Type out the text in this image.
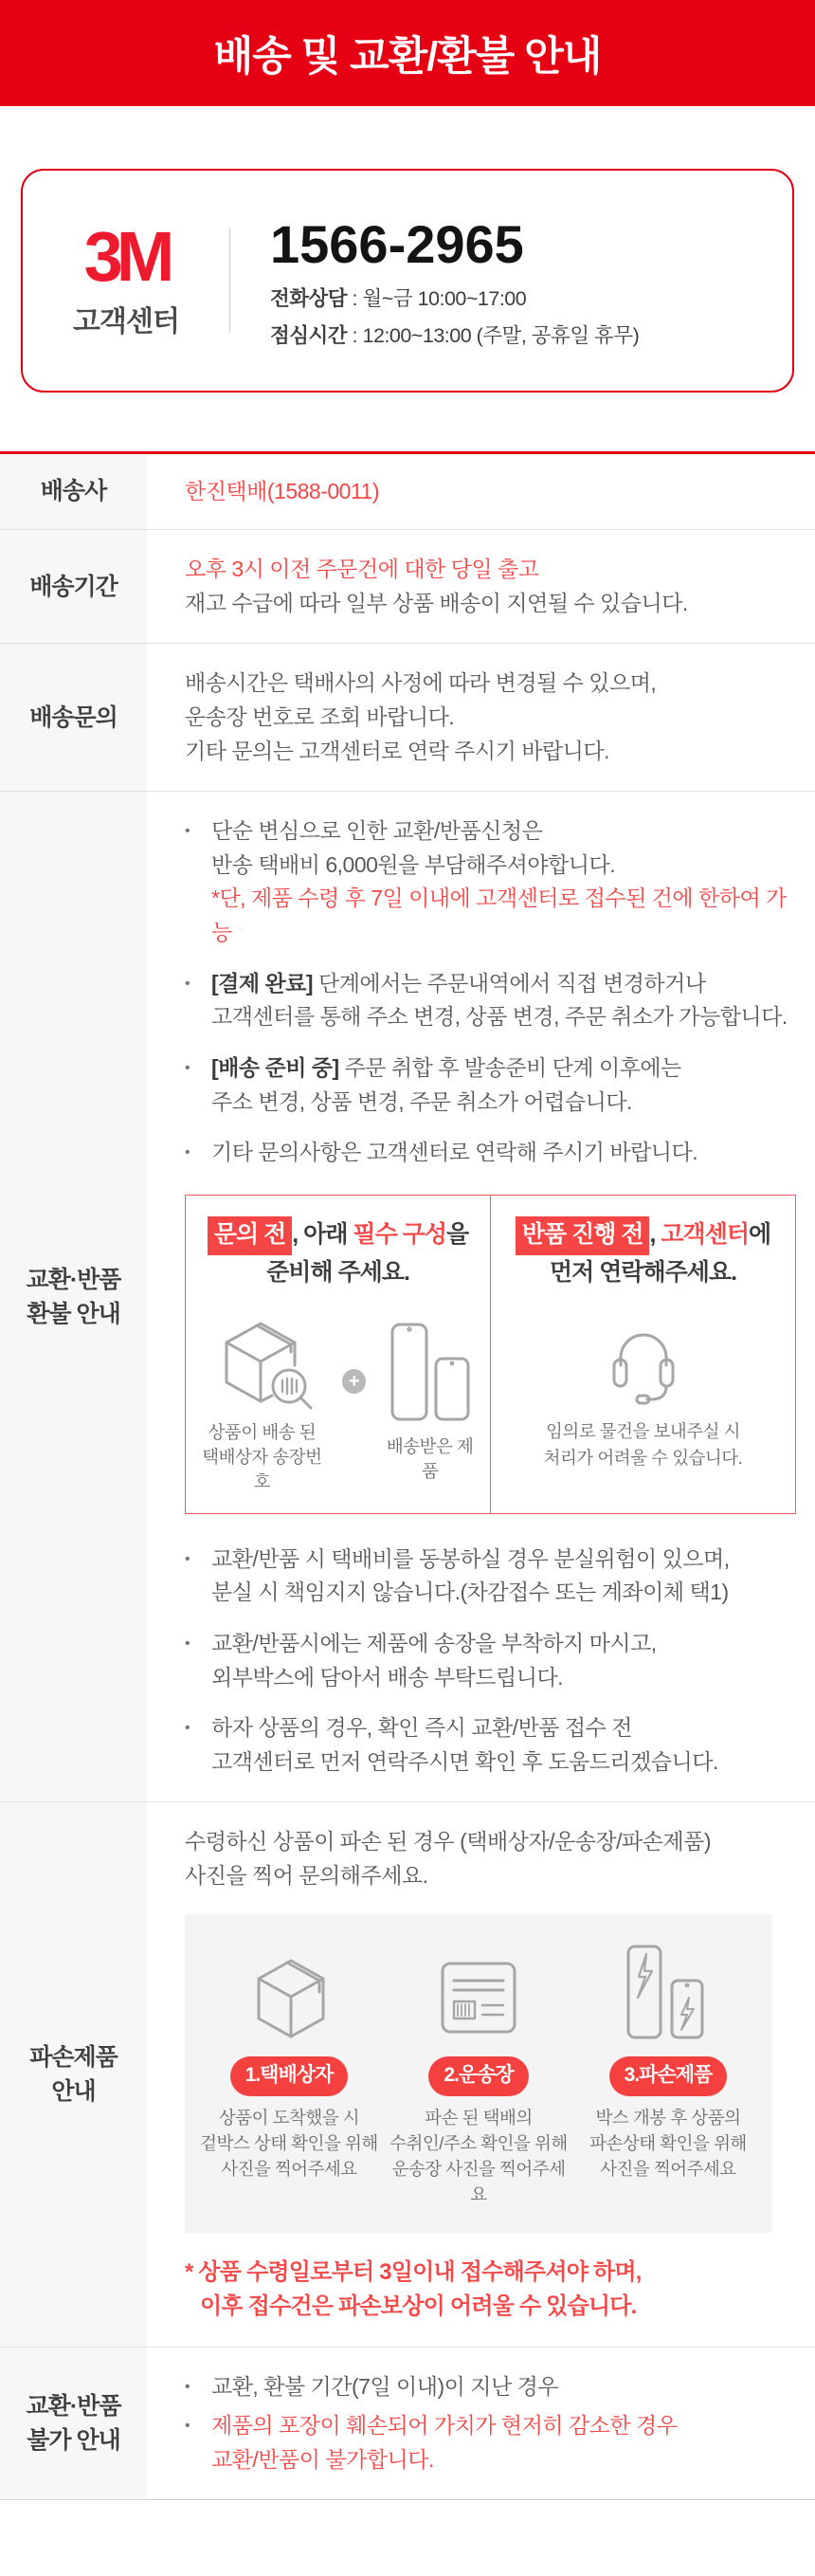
배송 및 교환/환불 안내
3M
고객센터
1566-2965
전화상담 : 월~금 10:00~17:00
점심시간 : 12:00~13:00 (주말, 공휴일 휴무)
배송사	한진택배(1588-0011)
배송기간
오후 3시 이전 주문건에 대한 당일 출고
재고 수급에 따라 일부 상품 배송이 지연될 수 있습니다.
배송문의
배송시간은 택배사의 사정에 따라 변경될 수 있으며,
운송장 번호로 조회 바랍니다.
기타 문의는 고객센터로 연락 주시기 바랍니다.
교환·반품
환불 안내
• 단순 변심으로 인한 교환/반품신청은
반송 택배비 6,000원을 부담해주셔야합니다.
*단, 제품 수령 후 7일 이내에 고객센터로 접수된 건에 한하여 가능
• [결제 완료] 단계에서는 주문내역에서 직접 변경하거나
고객센터를 통해 주소 변경, 상품 변경, 주문 취소가 가능합니다.
• [배송 준비 중] 주문 취합 후 발송준비 단계 이후에는
주소 변경, 상품 변경, 주문 취소가 어렵습니다.
• 기타 문의사항은 고객센터로 연락해 주시기 바랍니다.
문의 전 , 아래 필수 구성을
준비해 주세요.
상품이 배송 된
택배상자 송장번호
+
배송받은 제품
반품 진행 전 , 고객센터에
먼저 연락해주세요.
임의로 물건을 보내주실 시
처리가 어려울 수 있습니다.
• 교환/반품 시 택배비를 동봉하실 경우 분실위험이 있으며,
분실 시 책임지지 않습니다.(차감접수 또는 계좌이체 택1)
• 교환/반품시에는 제품에 송장을 부착하지 마시고,
외부박스에 담아서 배송 부탁드립니다.
• 하자 상품의 경우, 확인 즉시 교환/반품 접수 전
고객센터로 먼저 연락주시면 확인 후 도움드리겠습니다.
파손제품
안내
수령하신 상품이 파손 된 경우 (택배상자/운송장/파손제품)
사진을 찍어 문의해주세요.
1.택배상자
상품이 도착했을 시
겉박스 상태 확인을 위해
사진을 찍어주세요
2.운송장
파손 된 택배의
수취인/주소 확인을 위해
운송장 사진을 찍어주세요
3.파손제품
박스 개봉 후 상품의
파손상태 확인을 위해
사진을 찍어주세요
* 상품 수령일로부터 3일이내 접수해주셔야 하며,
이후 접수건은 파손보상이 어려울 수 있습니다.
교환·반품
불가 안내
• 교환, 환불 기간(7일 이내)이 지난 경우
• 제품의 포장이 훼손되어 가치가 현저히 감소한 경우
교환/반품이 불가합니다.
